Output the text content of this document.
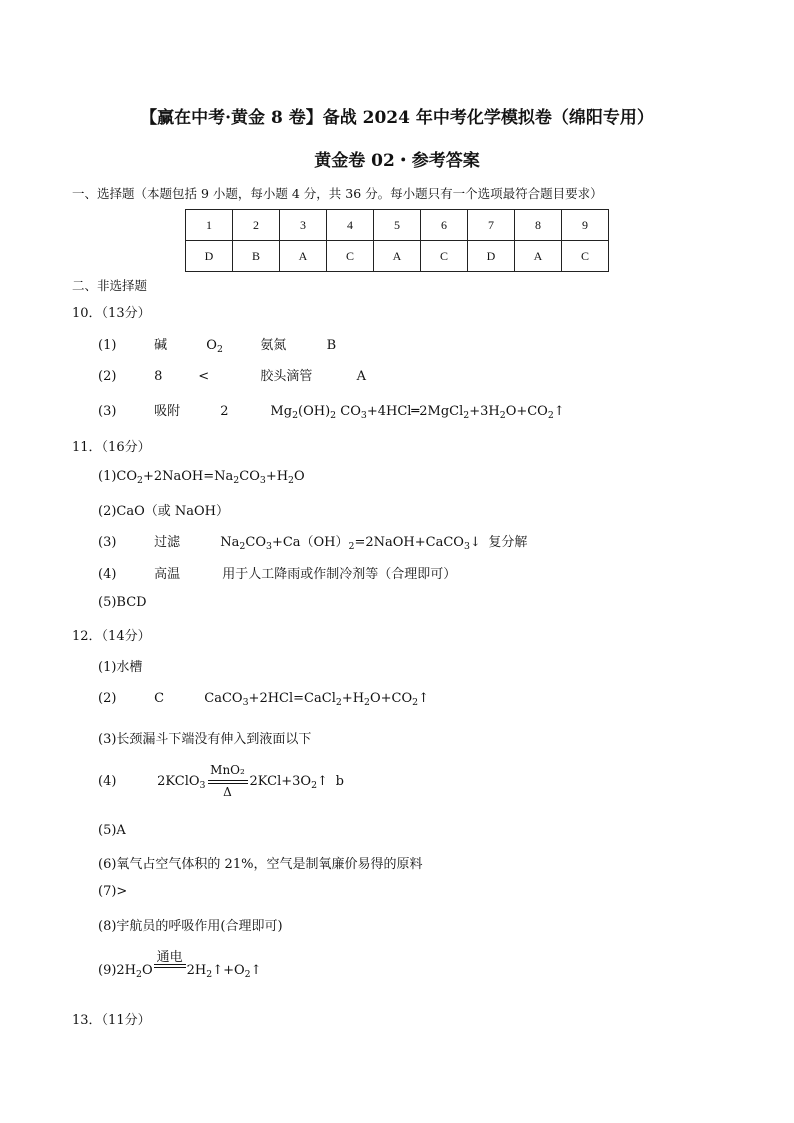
【赢在中考·黄金 8 卷】备战 2024 年中考化学模拟卷（绵阳专用）
黄金卷 02・参考答案
一、选择题（本题包括 9 小题，每小题 4 分，共 36 分。每小题只有一个选项最符合题目要求）
1	2	3	4	5	6	7	8	9
D	B	A	C	A	C	D	A	C
二、非选择题
10．（13分）
(1)	碱	$O_2$	氨氮	B
(2)	8	<	胶头滴管	A
(3)	吸附	2	$Mg_2(OH)_2$ $CO_3+4HCl═2MgCl_2+3H_2O+CO_2↑$
11．（16分）
$(1)CO_2+2NaOH=Na_2CO_3+H_2O$
(2)CaO（或 NaOH）
(3)	过滤	$Na_2CO_3+Ca(OH)_2=2NaOH+CaCO_3↓$ 复分解
(4)	高温	用于人工降雨或作制冷剂等（合理即可）
(5)BCD
12．（14分）
(1)水槽
(2)	C	$CaCO_3+2HCl=CaCl_2+H_2O+CO_2↑$
(3)长颈漏斗下端没有伸入到液面以下
(4)	2KClO$_3$ $\frac{\text{MnO₂}}{\Delta}$ $2KCl+3O_2↑$ b
(5)A
(6)氧气占空气体积的 21%，空气是制氧廉价易得的原料
(7)>
(8)宇航员的呼吸作用(合理即可)
$(9)2H_2O$
通电
$2H_2↑+O_2↑$
13．（11分）
